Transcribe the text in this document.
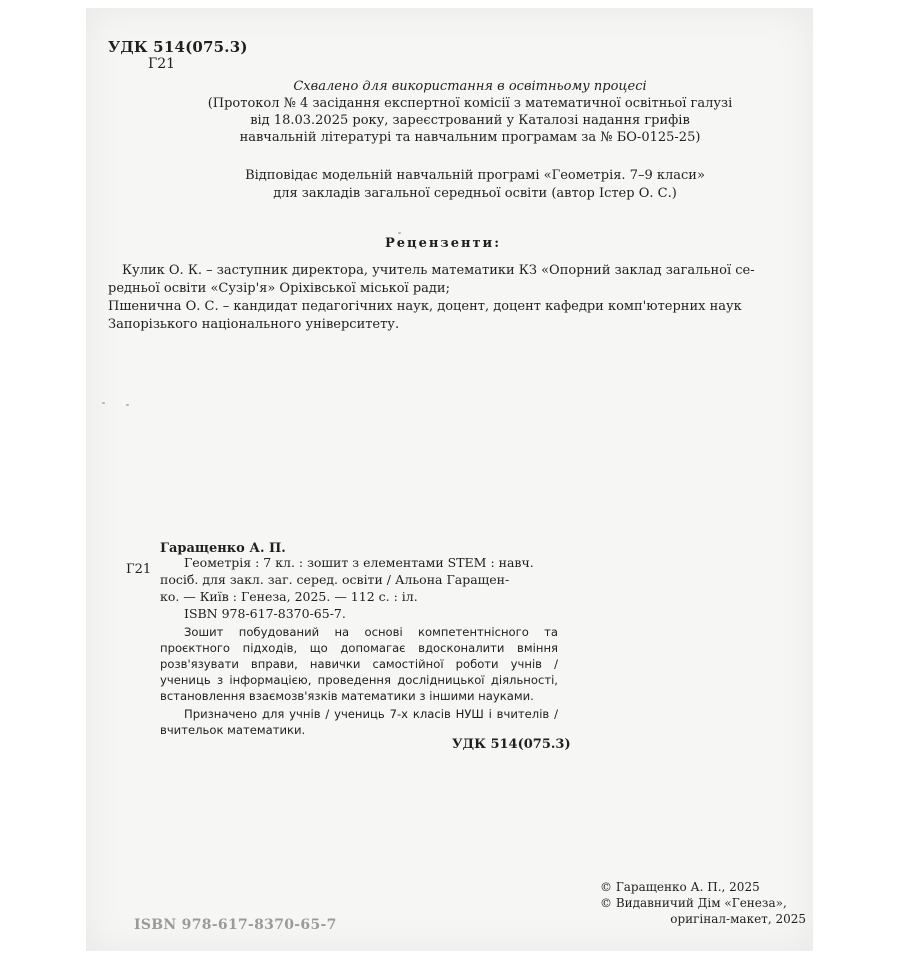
УДК 514(075.3)
Г21
Схвалено для використання в освітньому процесі
(Протокол № 4 засідання експертної комісії з математичної освітньої галузі
від 18.03.2025 року, зареєстрований у Каталозі надання грифів
навчальній літературі та навчальним програмам за № БО-0125-25)
Відповідає модельній навчальній програмі «Геометрія. 7–9 класи»
для закладів загальної середньої освіти (автор Істер О. С.)
Рецензенти:

Кулик О. К. – заступник директора, учитель математики КЗ «Опорний заклад загальної се-

редньої освіти «Сузір'я» Оріхівської міської ради;

Пшенична О. С. – кандидат педагогічних наук, доцент, доцент кафедри комп'ютерних наук

Запорізького національного університету.

Гаращенко А. П.
Г21	Геометрія : 7 кл. : зошит з елементами STEM : навч.
посіб. для закл. заг. серед. освіти / Альона Гаращен-
ко. — Київ : Генеза, 2025. — 112 с. : іл.
ISBN 978-617-8370-65-7.

Зошит побудований на основі компетентнісного та проєктного підходів, що допомагає вдосконалити вміння розв'язувати вправи, навички самостійної роботи учнів / учениць з інформацією, проведення дослідницької діяльності, встановлення взаємозв'язків математики з іншими науками.

Призначено для учнів / учениць 7-х класів НУШ і вчителів / вчительок математики.

УДК 514(075.3)
© Гаращенко А. П., 2025
© Видавничий Дім «Генеза»,
оригінал-макет, 2025
ISBN 978-617-8370-65-7
